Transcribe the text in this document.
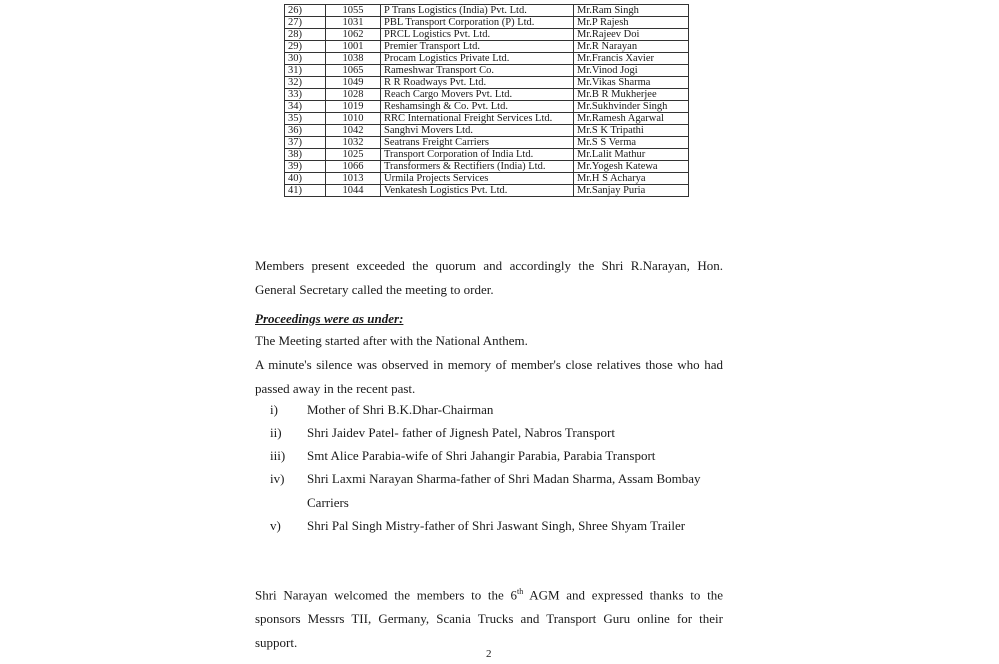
26)	1055	P Trans Logistics (India) Pvt. Ltd.	Mr.Ram Singh
27)	1031	PBL Transport Corporation (P) Ltd.	Mr.P Rajesh
28)	1062	PRCL Logistics Pvt. Ltd.	Mr.Rajeev Doi
29)	1001	Premier Transport Ltd.	Mr.R Narayan
30)	1038	Procam Logistics Private Ltd.	Mr.Francis Xavier
31)	1065	Rameshwar Transport Co.	Mr.Vinod Jogi
32)	1049	R R Roadways Pvt. Ltd.	Mr.Vikas Sharma
33)	1028	Reach Cargo Movers Pvt. Ltd.	Mr.B R Mukherjee
34)	1019	Reshamsingh & Co. Pvt. Ltd.	Mr.Sukhvinder Singh
35)	1010	RRC International Freight Services Ltd.	Mr.Ramesh Agarwal
36)	1042	Sanghvi Movers Ltd.	Mr.S K Tripathi
37)	1032	Seatrans Freight Carriers	Mr.S S Verma
38)	1025	Transport Corporation of India Ltd.	Mr.Lalit Mathur
39)	1066	Transformers & Rectifiers (India) Ltd.	Mr.Yogesh Katewa
40)	1013	Urmila Projects Services	Mr.H S Acharya
41)	1044	Venkatesh Logistics Pvt. Ltd.	Mr.Sanjay Puria
Members present exceeded the quorum and accordingly the Shri R.Narayan, Hon. General Secretary called the meeting to order.
Proceedings were as under:
The Meeting started after with the National Anthem.
A minute's silence was observed in memory of member's close relatives those who had passed away in the recent past.
i) Mother of Shri B.K.Dhar-Chairman
ii) Shri Jaidev Patel- father of Jignesh Patel, Nabros Transport
iii) Smt Alice Parabia-wife of Shri Jahangir Parabia, Parabia Transport
iv) Shri Laxmi Narayan Sharma-father of Shri Madan Sharma, Assam Bombay Carriers
v) Shri Pal Singh Mistry-father of Shri Jaswant Singh, Shree Shyam Trailer
Shri Narayan welcomed the members to the 6th AGM and expressed thanks to the sponsors Messrs TII, Germany, Scania Trucks and Transport Guru online for their support.
2
